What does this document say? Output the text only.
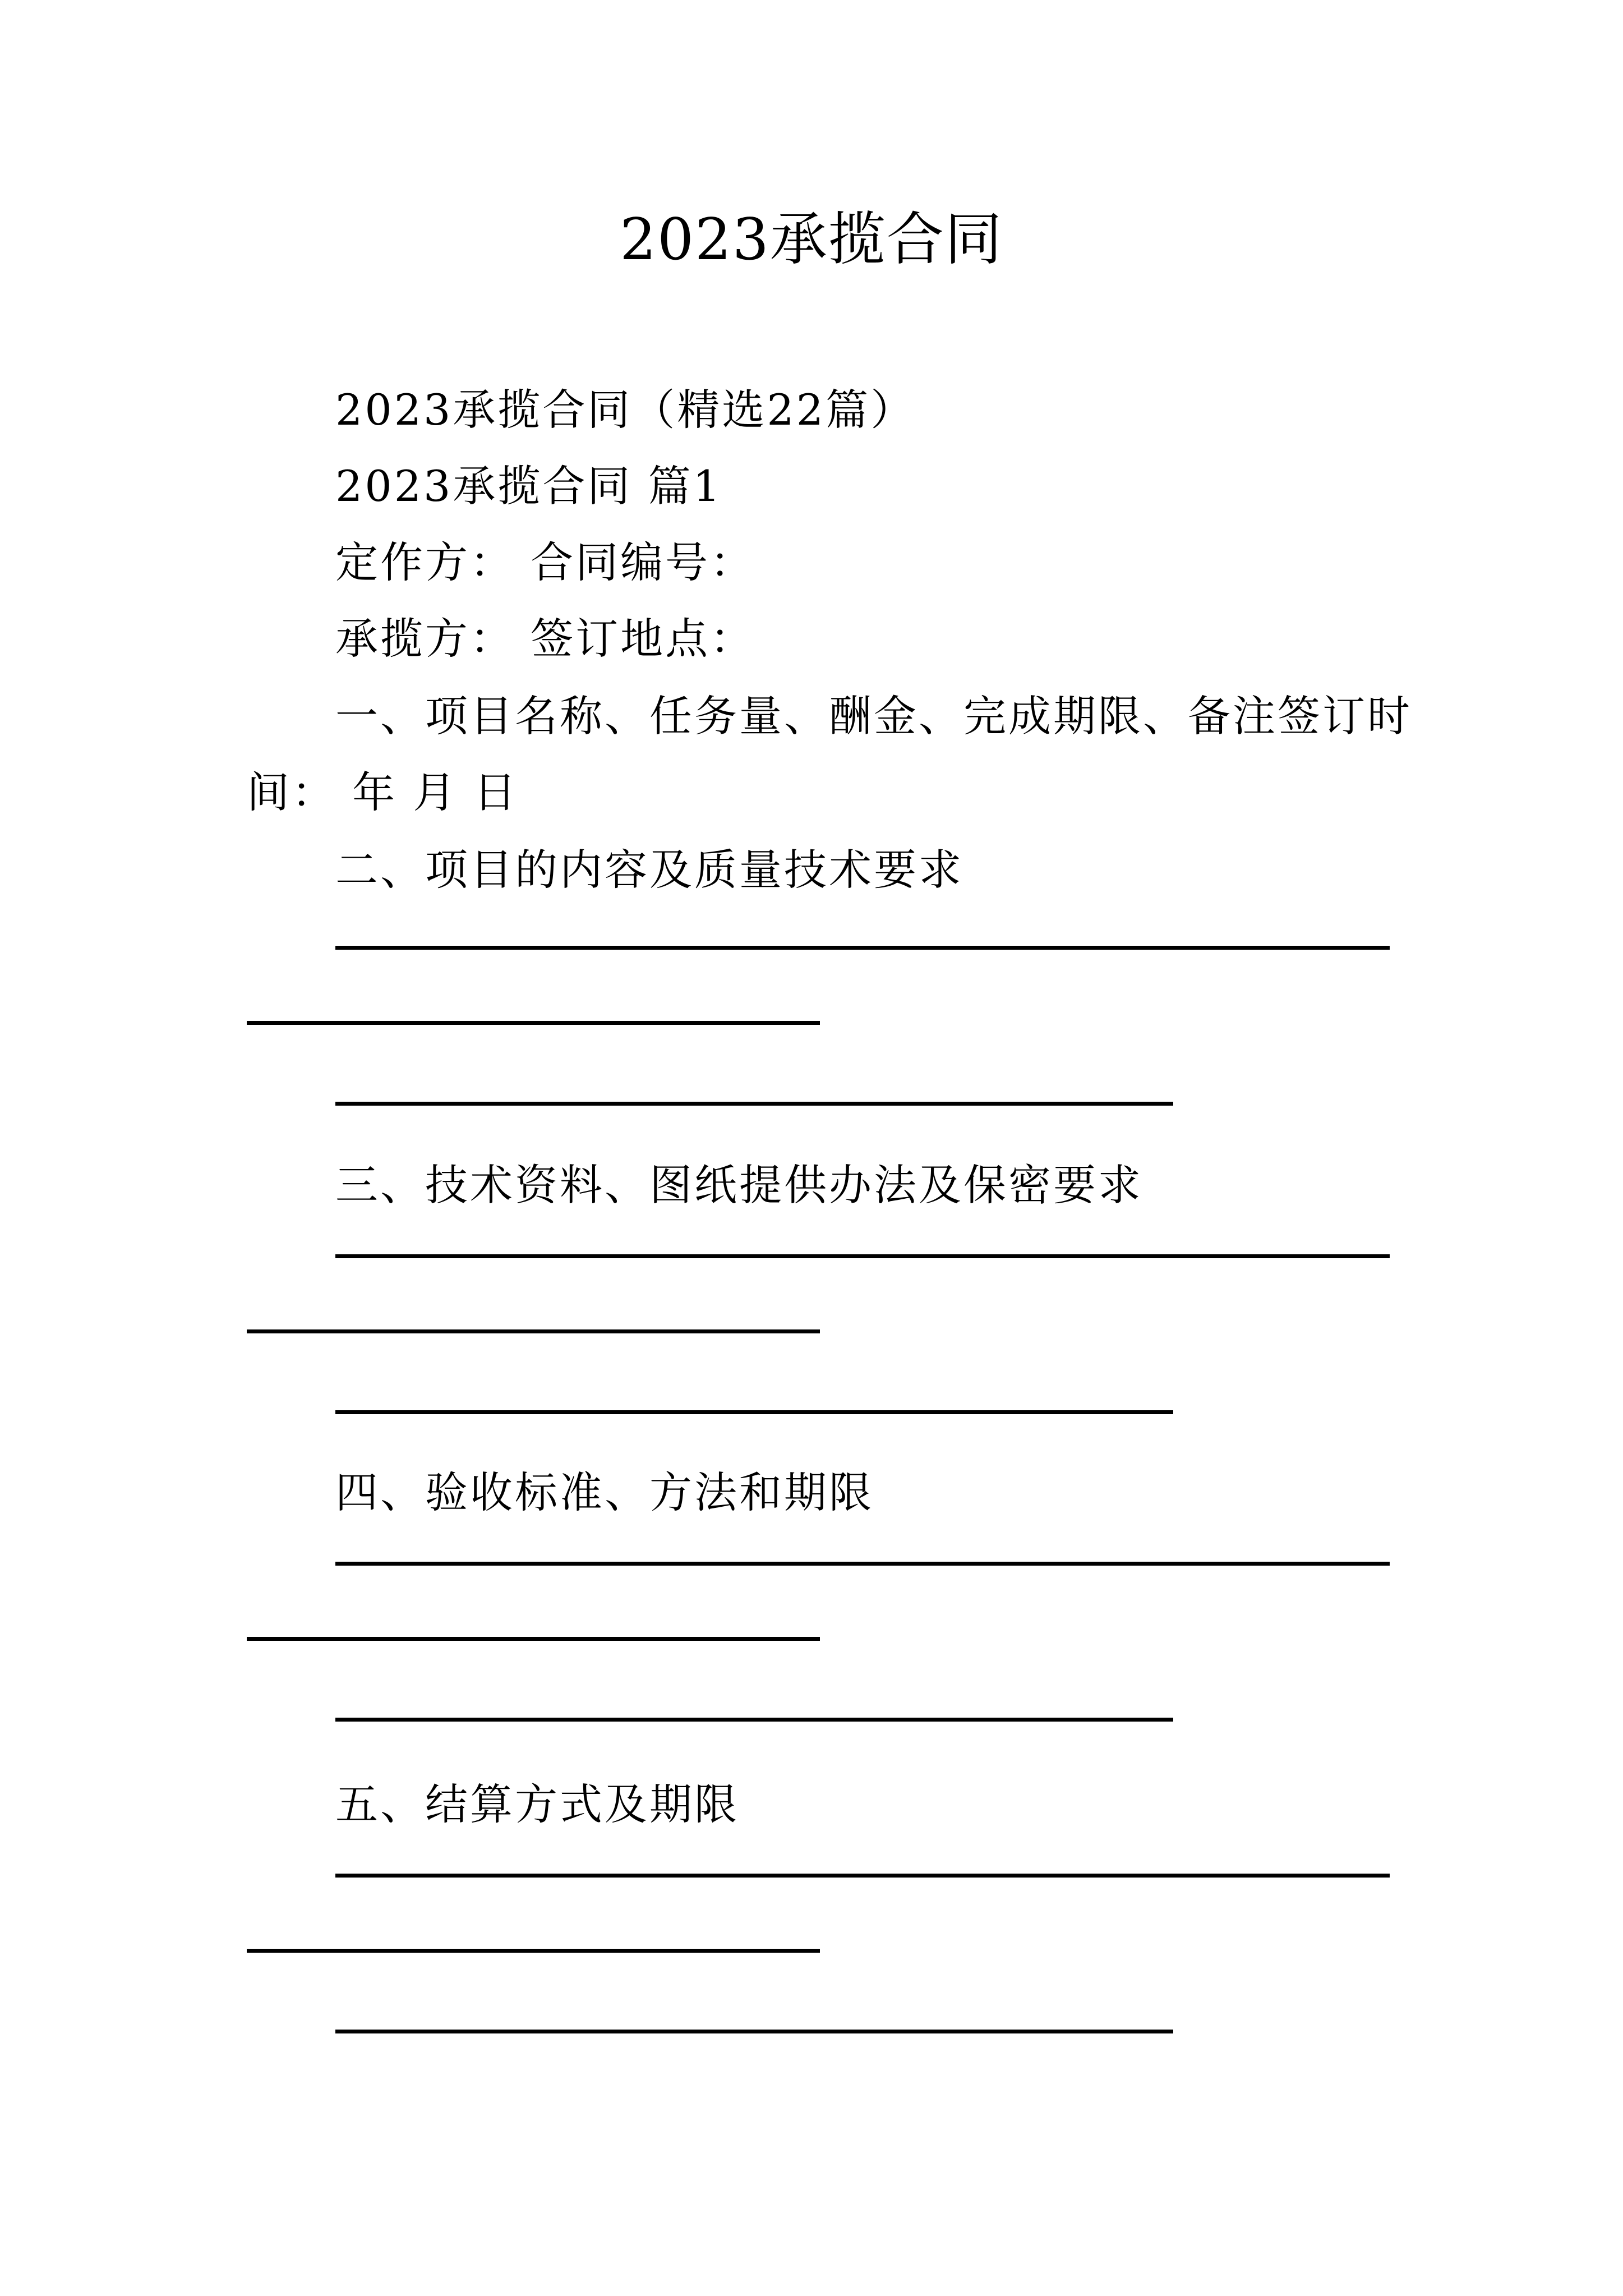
2023承揽合同
2023承揽合同（精选22篇）
2023承揽合同 篇1
定作方： 合同编号：
承揽方： 签订地点：
一、项目名称、任务量、酬金、完成期限、备注签订时
间： 年 月 日
二、项目的内容及质量技术要求
三、技术资料、图纸提供办法及保密要求
四、验收标准、方法和期限
五、结算方式及期限
